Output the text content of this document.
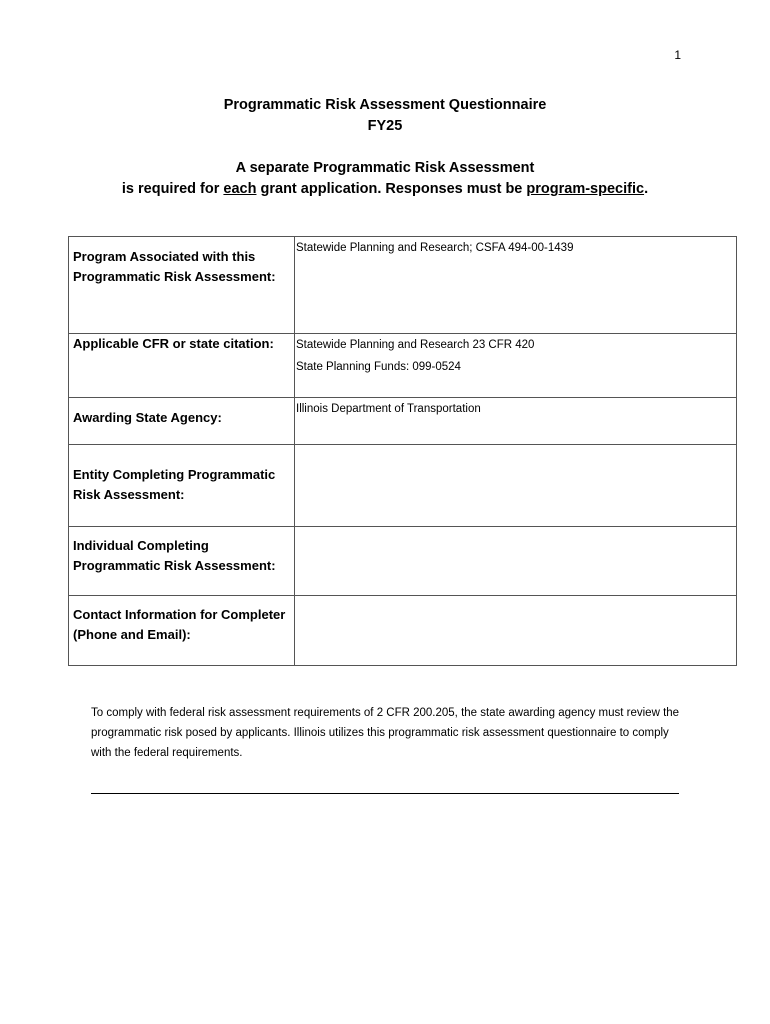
1
Programmatic Risk Assessment Questionnaire
FY25
A separate Programmatic Risk Assessment
is required for each grant application. Responses must be program-specific.
Program Associated with this Programmatic Risk Assessment:	Statewide Planning and Research; CSFA 494-00-1439

Applicable CFR or state citation:	Statewide Planning and Research 23 CFR 420
State Planning Funds: 099-0524

Awarding State Agency:	Illinois Department of Transportation

Entity Completing Programmatic Risk Assessment:	

Individual Completing Programmatic Risk Assessment:	

Contact Information for Completer (Phone and Email):	

To comply with federal risk assessment requirements of 2 CFR 200.205, the state awarding agency must review the programmatic risk posed by applicants. Illinois utilizes this programmatic risk assessment questionnaire to comply with the federal requirements.
